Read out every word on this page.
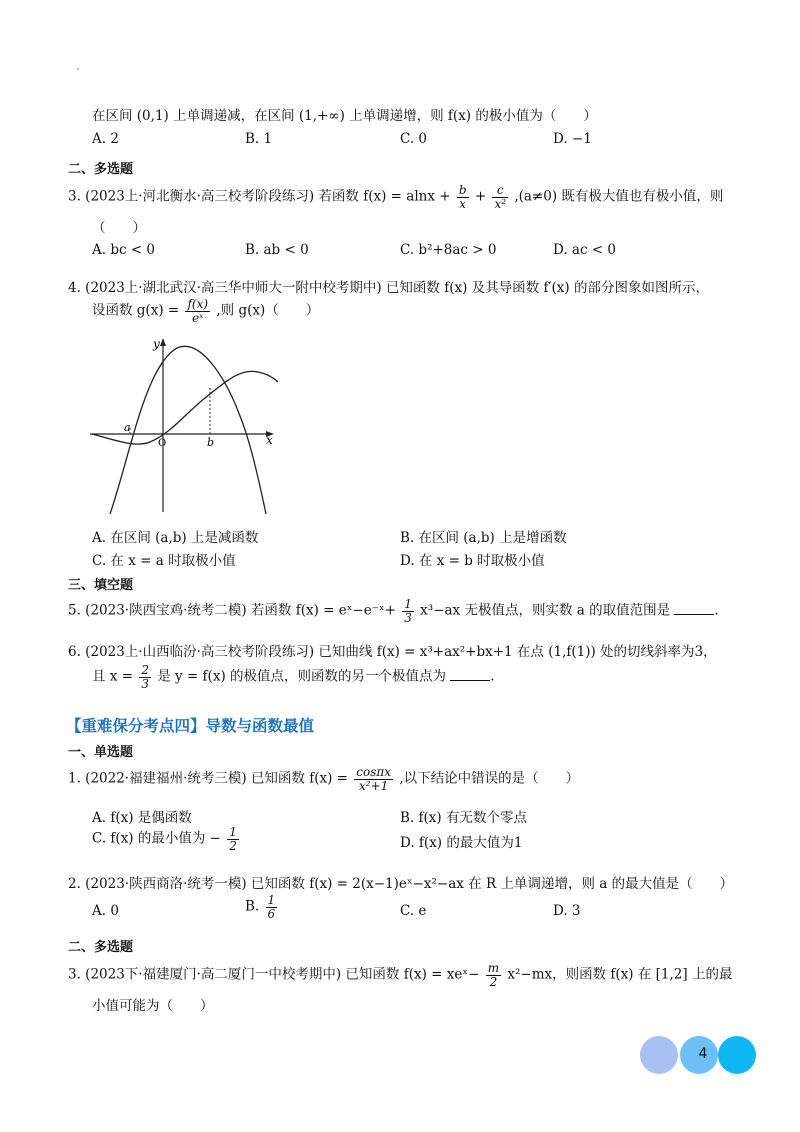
·
在区间 (0,1) 上单调递减，在区间 (1,+∞) 上单调递增，则 f(x) 的极小值为（　　）
A. 2	B. 1	C. 0	D. −1
二、多选题
3. (2023上·河北衡水·高三校考阶段练习) 若函数 $f(x) = alnx + \frac{b}{x} + \frac{c}{\text{x²}} ,(a\ne 0)$ 既有极大值也有极小值，则
（　　）
A. bc < 0	B. ab < 0	C. b²+8ac > 0	D. ac < 0
4. (2023上·湖北武汉·高三华中师大一附中校考期中) 已知函数 f(x) 及其导函数 f′(x) 的部分图象如图所示，
设函数 $g(x) = \frac{f(x)}{\text{eˣ}}$ ,则 g(x)（　　）
y
x
a
O	b
A. 在区间 (a,b) 上是减函数	B. 在区间 (a,b) 上是增函数
C. 在 x = a 时取极小值	D. 在 x = b 时取极小值
三、填空题
5. (2023·陕西宝鸡·统考二模) 若函数 f(x) = eˣ−e⁻ˣ+ $\frac{1}{3} x^3-ax$ 无极值点，则实数 a 的取值范围是	.
6. (2023上·山西临汾·高三校考阶段练习) 已知曲线 f(x) = x³+ax²+bx+1 在点 (1,f(1)) 处的切线斜率为3，
且 $x = \frac{2}{3}$ 是 y = f(x) 的极值点，则函数的另一个极值点为	.
【重难保分考点四】导数与函数最值
一、单选题
1. (2022·福建福州·统考三模) 已知函数 $f(x) = \frac{\cos\pi x}{\text{x²+1}}$ ,以下结论中错误的是（　　）
A. f(x) 是偶函数	B. f(x) 有无数个零点
C. f(x) 的最小值为 − $\frac{1}{2}$	D. f(x) 的最大值为1
2. (2023·陕西商洛·统考一模) 已知函数 f(x) = 2(x−1)eˣ−x²−ax 在 R 上单调递增，则 a 的最大值是（　　）
A. 0	B. $\frac{1}{6}$	C. e	D. 3
二、多选题
3. (2023下·福建厦门·高二厦门一中校考期中) 已知函数 f(x) = xeˣ− $\frac{m}{2} x^2-mx$，则函数 f(x) 在 [1,2] 上的最
小值可能为（　　）
4
